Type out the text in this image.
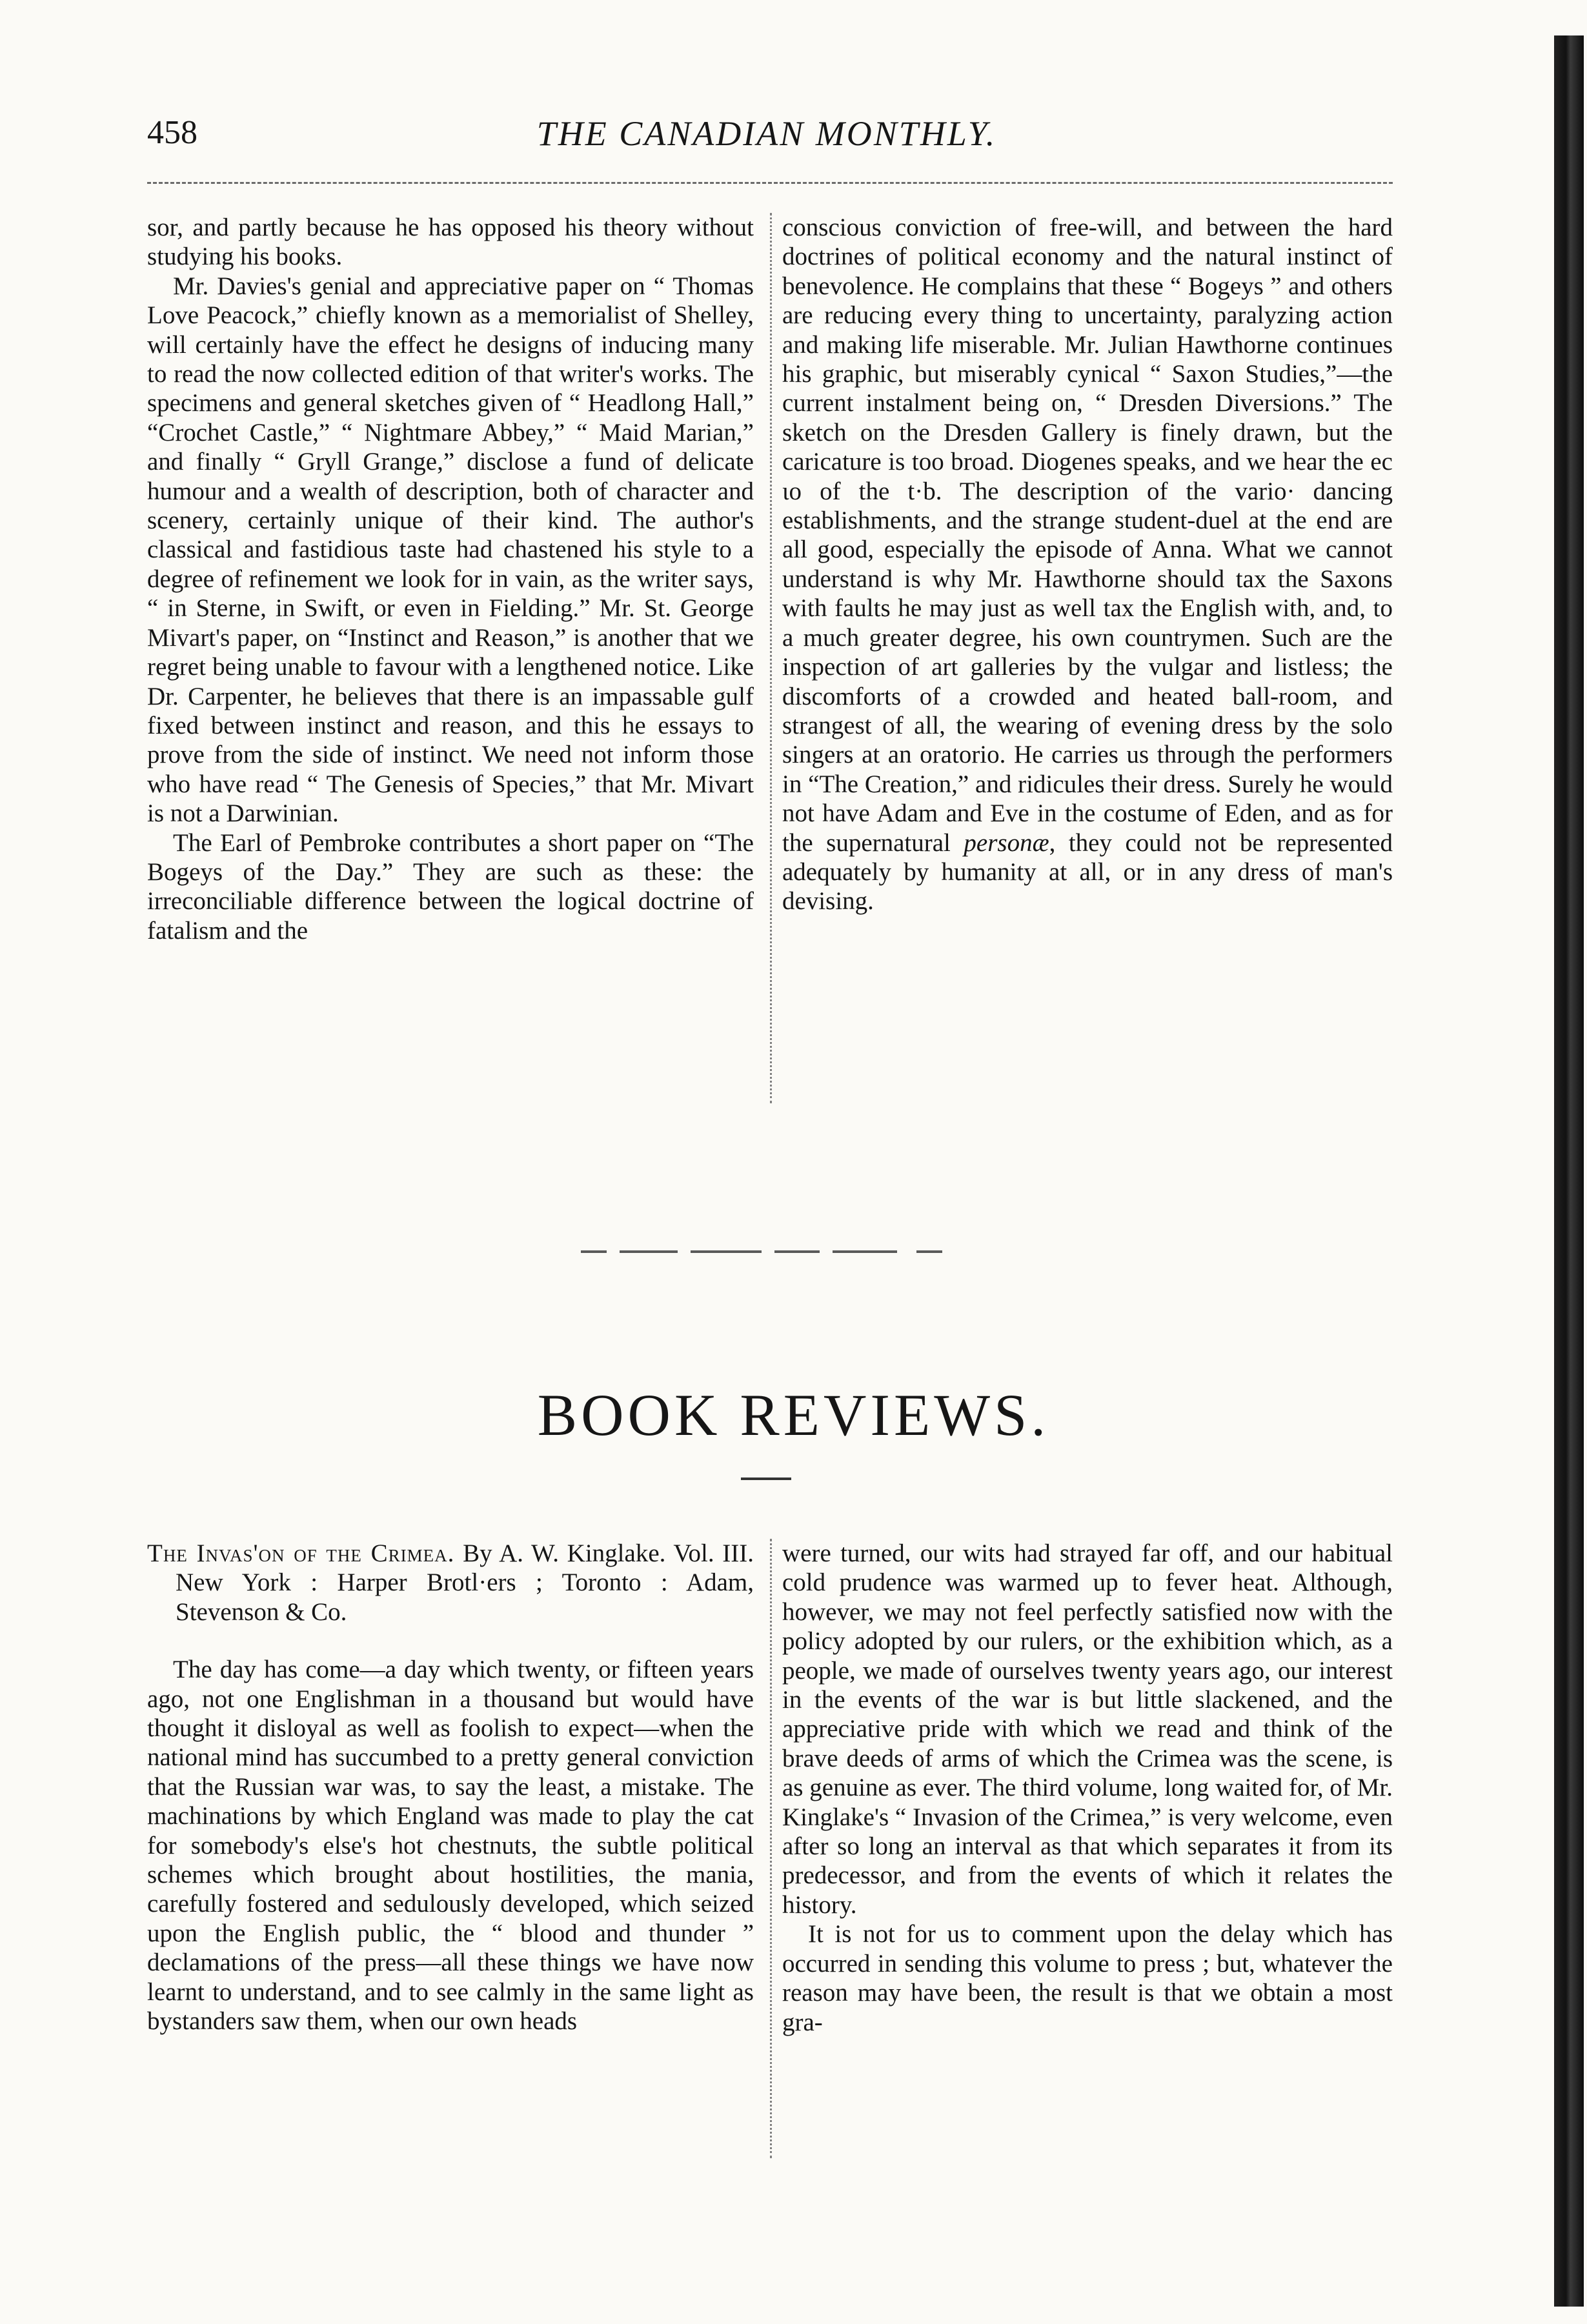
458	THE CANADIAN MONTHLY.

sor, and partly because he has opposed his theory without studying his books.

Mr. Davies's genial and appreciative paper on “ Thomas Love Peacock,” chiefly known as a memorialist of Shelley, will certainly have the effect he designs of inducing many to read the now collected edition of that writer's works. The specimens and general sketches given of “ Headlong Hall,” “Crochet Castle,” “ Nightmare Abbey,” “ Maid Marian,” and finally “ Gryll Grange,” disclose a fund of delicate humour and a wealth of description, both of character and scenery, certainly unique of their kind. The author's classical and fastidious taste had chastened his style to a degree of refinement we look for in vain, as the writer says, “ in Sterne, in Swift, or even in Fielding.” Mr. St. George Mivart's paper, on “Instinct and Reason,” is another that we regret being unable to favour with a lengthened notice. Like Dr. Carpenter, he believes that there is an impassable gulf fixed between instinct and reason, and this he essays to prove from the side of instinct. We need not inform those who have read “ The Genesis of Species,” that Mr. Mivart is not a Darwinian.

The Earl of Pembroke contributes a short paper on “The Bogeys of the Day.” They are such as these: the irreconciliable difference between the logical doctrine of fatalism and the

conscious conviction of free-will, and between the hard doctrines of political economy and the natural instinct of benevolence. He complains that these “ Bogeys ” and others are reducing every thing to uncertainty, paralyzing action and making life miserable. Mr. Julian Hawthorne continues his graphic, but miserably cynical “ Saxon Studies,”—the current instalment being on, “ Dresden Diversions.” The sketch on the Dresden Gallery is finely drawn, but the caricature is too broad. Diogenes speaks, and we hear the ec ιo of the t·b. The description of the vario· dancing establishments, and the strange student-duel at the end are all good, especially the episode of Anna. What we cannot understand is why Mr. Hawthorne should tax the Saxons with faults he may just as well tax the English with, and, to a much greater degree, his own countrymen. Such are the inspection of art galleries by the vulgar and listless; the discomforts of a crowded and heated ball-room, and strangest of all, the wearing of evening dress by the solo singers at an oratorio. He carries us through the performers in “The Creation,” and ridicules their dress. Surely he would not have Adam and Eve in the costume of Eden, and as for the supernatural personæ, they could not be represented adequately by humanity at all, or in any dress of man's devising.

BOOK REVIEWS.

The Invas'on of the Crimea. By A. W. Kinglake. Vol. III. New York : Harper Brotl·ers ; Toronto : Adam, Stevenson & Co.

The day has come—a day which twenty, or fifteen years ago, not one Englishman in a thousand but would have thought it disloyal as well as foolish to expect—when the national mind has succumbed to a pretty general conviction that the Russian war was, to say the least, a mistake. The machinations by which England was made to play the cat for somebody's else's hot chestnuts, the subtle political schemes which brought about hostilities, the mania, carefully fostered and sedulously developed, which seized upon the English public, the “ blood and thunder ” declamations of the press—all these things we have now learnt to understand, and to see calmly in the same light as bystanders saw them, when our own heads

were turned, our wits had strayed far off, and our habitual cold prudence was warmed up to fever heat. Although, however, we may not feel perfectly satisfied now with the policy adopted by our rulers, or the exhibition which, as a people, we made of ourselves twenty years ago, our interest in the events of the war is but little slackened, and the appreciative pride with which we read and think of the brave deeds of arms of which the Crimea was the scene, is as genuine as ever. The third volume, long waited for, of Mr. Kinglake's “ Invasion of the Crimea,” is very welcome, even after so long an interval as that which separates it from its predecessor, and from the events of which it relates the history.

It is not for us to comment upon the delay which has occurred in sending this volume to press ; but, whatever the reason may have been, the result is that we obtain a most gra-
